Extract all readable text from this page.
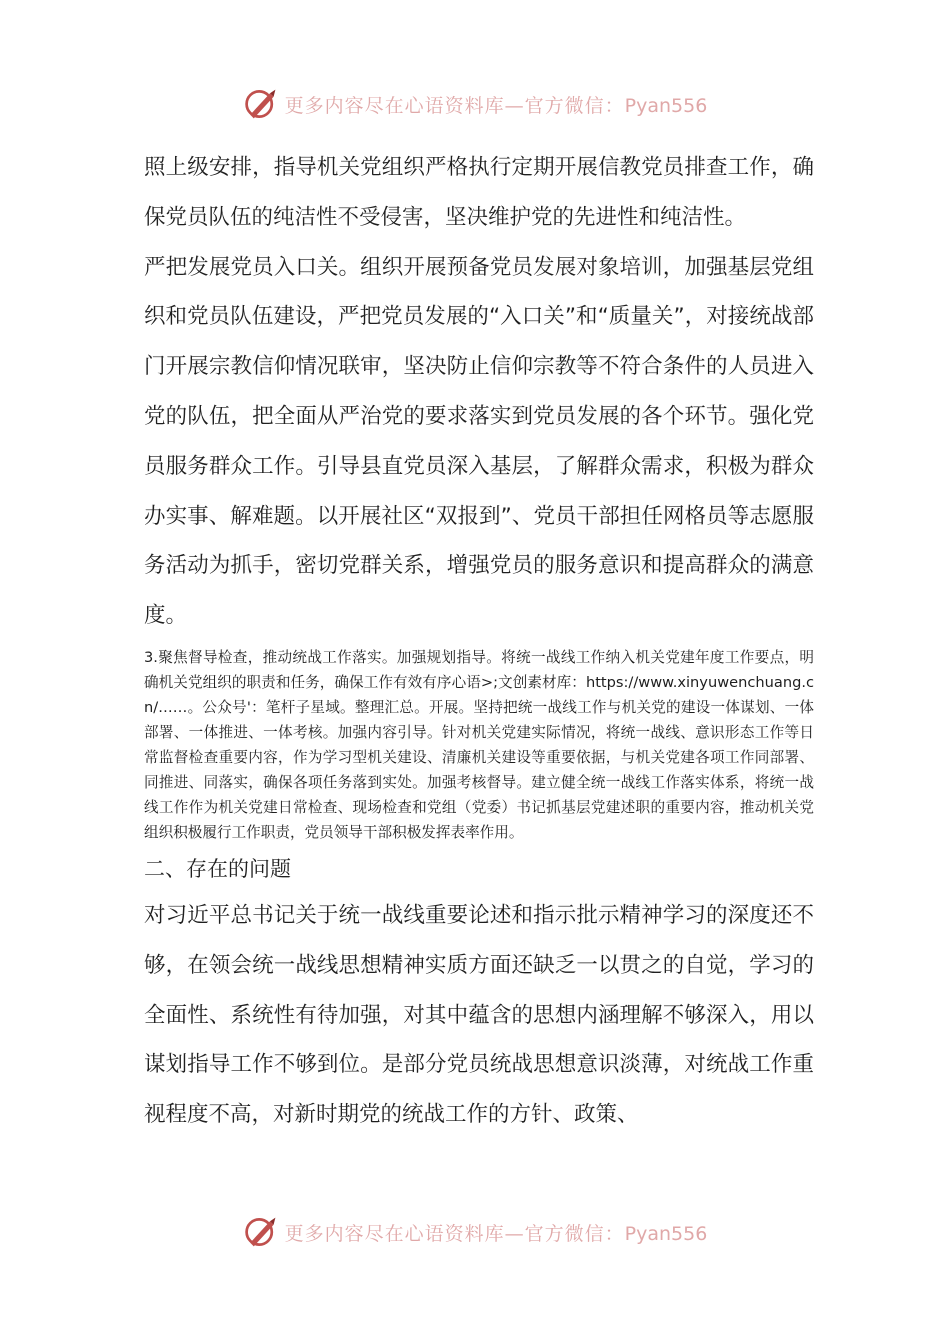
更多内容尽在心语资料库—官方微信：Pyan556

照上级安排，指导机关党组织严格执行定期开展信教党员排查工作，确保党员队伍的纯洁性不受侵害，坚决维护党的先进性和纯洁性。

严把发展党员入口关。组织开展预备党员发展对象培训，加强基层党组织和党员队伍建设，严把党员发展的“入口关”和“质量关”，对接统战部门开展宗教信仰情况联审，坚决防止信仰宗教等不符合条件的人员进入党的队伍，把全面从严治党的要求落实到党员发展的各个环节。强化党员服务群众工作。引导县直党员深入基层，了解群众需求，积极为群众办实事、解难题。以开展社区“双报到”、党员干部担任网格员等志愿服务活动为抓手，密切党群关系，增强党员的服务意识和提高群众的满意度。

3.聚焦督导检查，推动统战工作落实。加强规划指导。将统一战线工作纳入机关党建年度工作要点，明确机关党组织的职责和任务，确保工作有效有序心语>;文创素材库：https://www.xinyuwenchuang.cn/……。公众号'：笔杆子星域。整理汇总。开展。坚持把统一战线工作与机关党的建设一体谋划、一体部署、一体推进、一体考核。加强内容引导。针对机关党建实际情况，将统一战线、意识形态工作等日常监督检查重要内容，作为学习型机关建设、清廉机关建设等重要依据，与机关党建各项工作同部署、同推进、同落实，确保各项任务落到实处。加强考核督导。建立健全统一战线工作落实体系，将统一战线工作作为机关党建日常检查、现场检查和党组（党委）书记抓基层党建述职的重要内容，推动机关党组织积极履行工作职责，党员领导干部积极发挥表率作用。

二、存在的问题

对习近平总书记关于统一战线重要论述和指示批示精神学习的深度还不够，在领会统一战线思想精神实质方面还缺乏一以贯之的自觉，学习的全面性、系统性有待加强，对其中蕴含的思想内涵理解不够深入，用以谋划指导工作不够到位。是部分党员统战思想意识淡薄，对统战工作重视程度不高，对新时期党的统战工作的方针、政策、

更多内容尽在心语资料库—官方微信：Pyan556
